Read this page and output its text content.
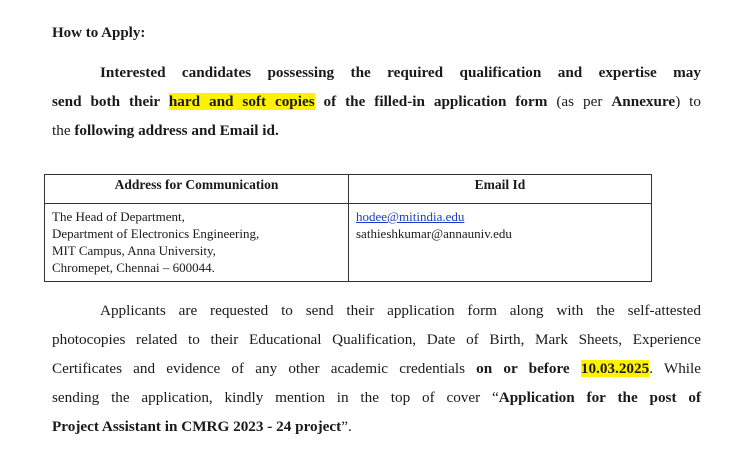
How to Apply:
Interested candidates possessing the required qualification and expertise may
send both their hard and soft copies of the filled-in application form (as per Annexure) to
the following address and Email id.
Address for Communication	Email Id

The Head of Department,
Department of Electronics Engineering,
MIT Campus, Anna University,
Chromepet, Chennai – 600044.	hodee@mitindia.edu
sathieshkumar@annauniv.edu
Applicants are requested to send their application form along with the self-attested
photocopies related to their Educational Qualification, Date of Birth, Mark Sheets, Experience
Certificates and evidence of any other academic credentials on or before 10.03.2025. While
sending the application, kindly mention in the top of cover “Application for the post of
Project Assistant in CMRG 2023 - 24 project”.
